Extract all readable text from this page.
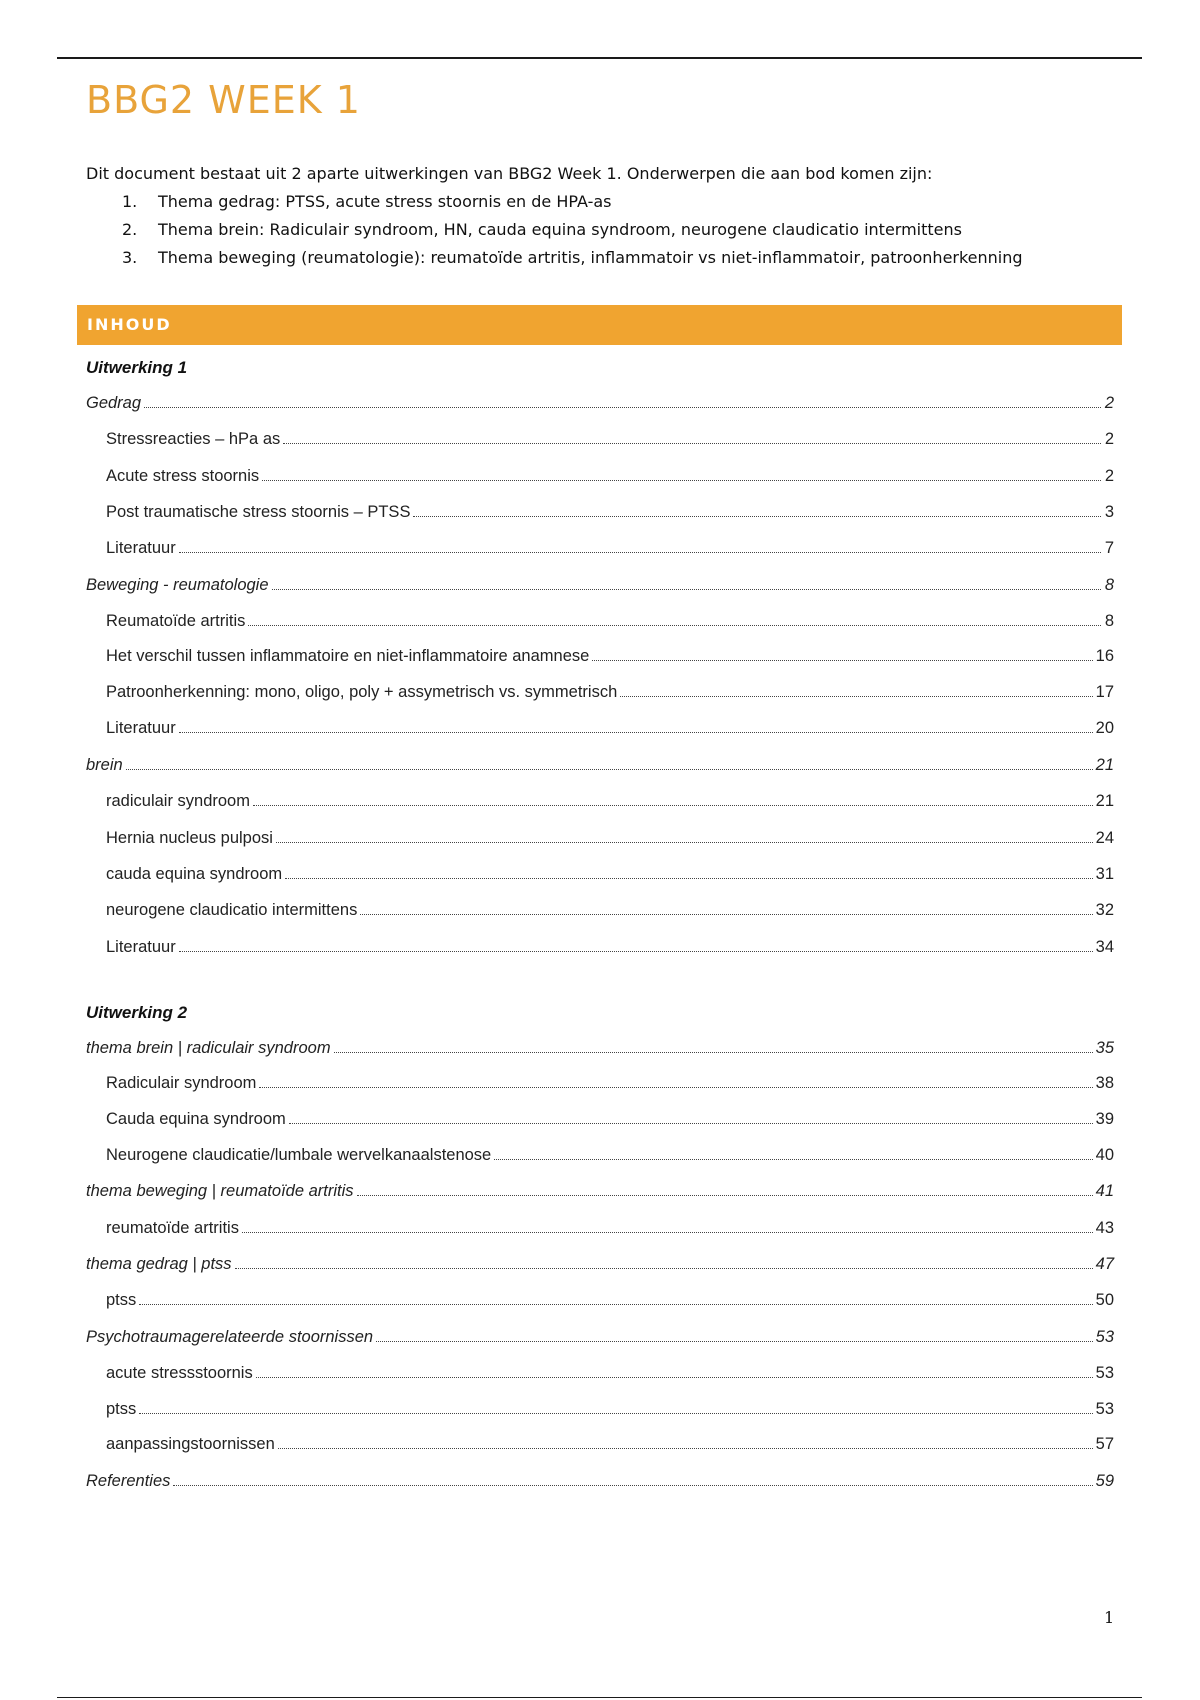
BBG2 WEEK 1
Dit document bestaat uit 2 aparte uitwerkingen van BBG2 Week 1. Onderwerpen die aan bod komen zijn:
1.	Thema gedrag: PTSS, acute stress stoornis en de HPA-as
2.	Thema brein: Radiculair syndroom, HN, cauda equina syndroom, neurogene claudicatio intermittens
3.	Thema beweging (reumatologie): reumatoïde artritis, inflammatoir vs niet-inflammatoir, patroonherkenning
INHOUD
Uitwerking 1
Gedrag	2
Stressreacties – hPa as	2
Acute stress stoornis	2
Post traumatische stress stoornis – PTSS	3
Literatuur	7
Beweging - reumatologie	8
Reumatoïde artritis	8
Het verschil tussen inflammatoire en niet-inflammatoire anamnese	16
Patroonherkenning: mono, oligo, poly + assymetrisch vs. symmetrisch	17
Literatuur	20
brein	21
radiculair syndroom	21
Hernia nucleus pulposi	24
cauda equina syndroom	31
neurogene claudicatio intermittens	32
Literatuur	34
Uitwerking 2
thema brein | radiculair syndroom	35
Radiculair syndroom	38
Cauda equina syndroom	39
Neurogene claudicatie/lumbale wervelkanaalstenose	40
thema beweging | reumatoïde artritis	41
reumatoïde artritis	43
thema gedrag | ptss	47
ptss	50
Psychotraumagerelateerde stoornissen	53
acute stressstoornis	53
ptss	53
aanpassingstoornissen	57
Referenties	59
1
